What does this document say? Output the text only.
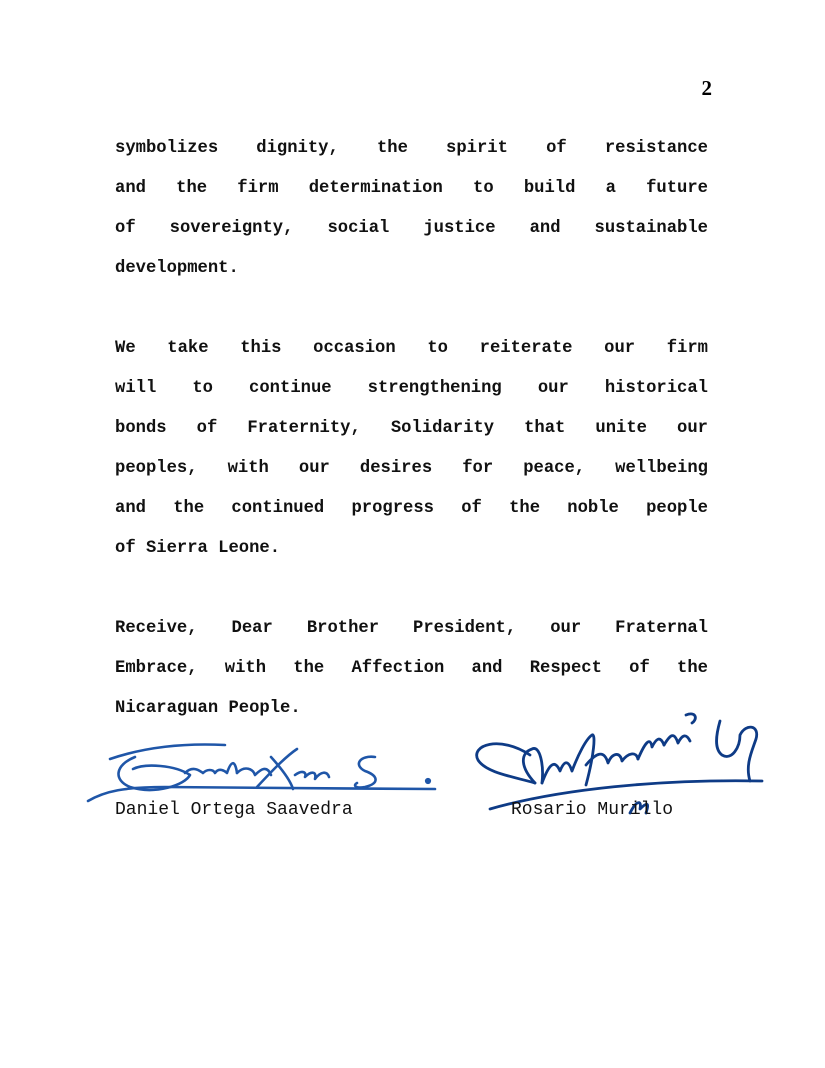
2

symbolizes dignity, the spirit of resistance
and the firm determination to build a future
of sovereignty, social justice and sustainable
development.

We take this occasion to reiterate our firm
will to continue strengthening our historical
bonds of Fraternity, Solidarity that unite our
peoples, with our desires for peace, wellbeing
and the continued progress of the noble people
of Sierra Leone.

Receive, Dear Brother President, our Fraternal
Embrace, with the Affection and Respect of the
Nicaraguan People.

Daniel Ortega Saavedra	Rosario Murillo
